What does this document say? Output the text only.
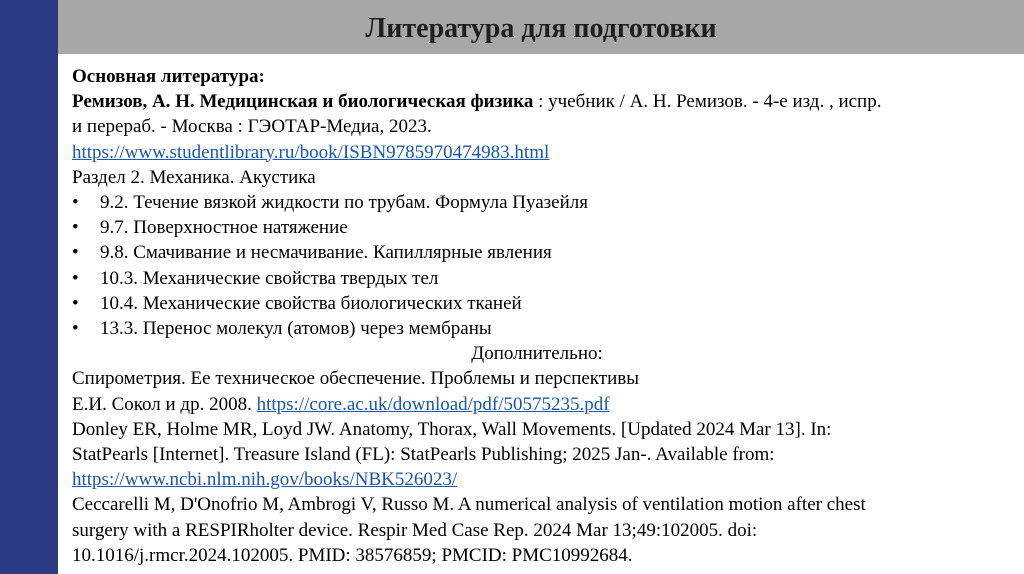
Литература для подготовки
Основная литература:
Ремизов, А. Н. Медицинская и биологическая физика : учебник / А. Н. Ремизов. - 4-е изд. , испр.
и перераб. - Москва : ГЭОТАР-Медиа, 2023.
https://www.studentlibrary.ru/book/ISBN9785970474983.html
Раздел 2. Механика. Акустика
• 9.2. Течение вязкой жидкости по трубам. Формула Пуазейля
• 9.7. Поверхностное натяжение
• 9.8. Смачивание и несмачивание. Капиллярные явления
• 10.3. Механические свойства твердых тел
• 10.4. Механические свойства биологических тканей
• 13.3. Перенос молекул (атомов) через мембраны
Дополнительно:
Спирометрия. Ее техническое обеспечение. Проблемы и перспективы
Е.И. Сокол и др. 2008. https://core.ac.uk/download/pdf/50575235.pdf
Donley ER, Holme MR, Loyd JW. Anatomy, Thorax, Wall Movements. [Updated 2024 Mar 13]. In:
StatPearls [Internet]. Treasure Island (FL): StatPearls Publishing; 2025 Jan-. Available from:
https://www.ncbi.nlm.nih.gov/books/NBK526023/
Ceccarelli M, D'Onofrio M, Ambrogi V, Russo M. A numerical analysis of ventilation motion after chest
surgery with a RESPIRholter device. Respir Med Case Rep. 2024 Mar 13;49:102005. doi:
10.1016/j.rmcr.2024.102005. PMID: 38576859; PMCID: PMC10992684.
